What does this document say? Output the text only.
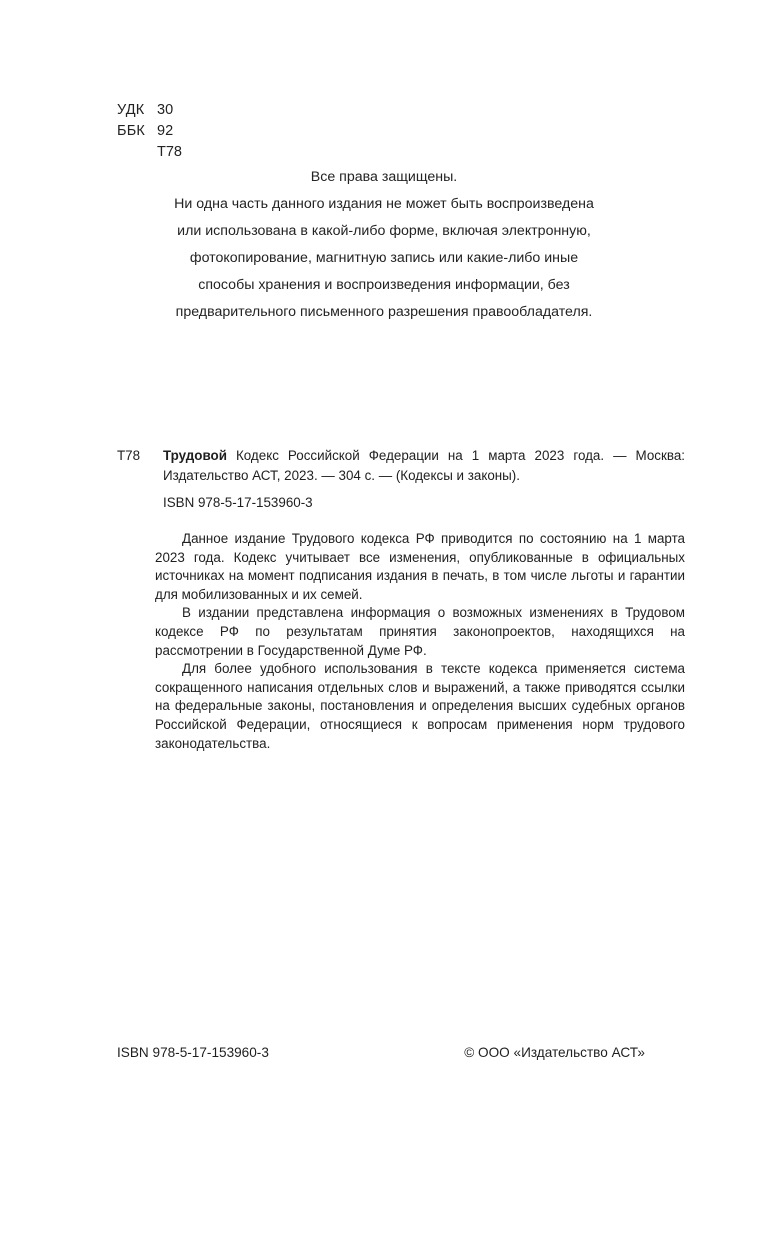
УДК 30
ББК 92
Т78
Все права защищены.
Ни одна часть данного издания не может быть воспроизведена
или использована в какой-либо форме, включая электронную,
фотокопирование, магнитную запись или какие-либо иные
способы хранения и воспроизведения информации, без
предварительного письменного разрешения правообладателя.
Т78	Трудовой Кодекс Российской Федерации на 1 марта 2023 года. — Москва: Издательство АСТ, 2023. — 304 с. — (Кодексы и законы).
ISBN 978-5-17-153960-3

Данное издание Трудового кодекса РФ приводится по состоянию на 1 марта 2023 года. Кодекс учитывает все изменения, опубликованные в официальных источниках на момент подписания издания в печать, в том числе льготы и гарантии для мобилизованных и их семей.

В издании представлена информация о возможных изменениях в Трудовом кодексе РФ по результатам принятия законопроектов, находящихся на рассмотрении в Государственной Думе РФ.

Для более удобного использования в тексте кодекса применяется система сокращенного написания отдельных слов и выражений, а также приводятся ссылки на федеральные законы, постановления и определения высших судебных органов Российской Федерации, относящиеся к вопросам применения норм трудового законодательства.

ISBN 978-5-17-153960-3	© ООО «Издательство АСТ»
